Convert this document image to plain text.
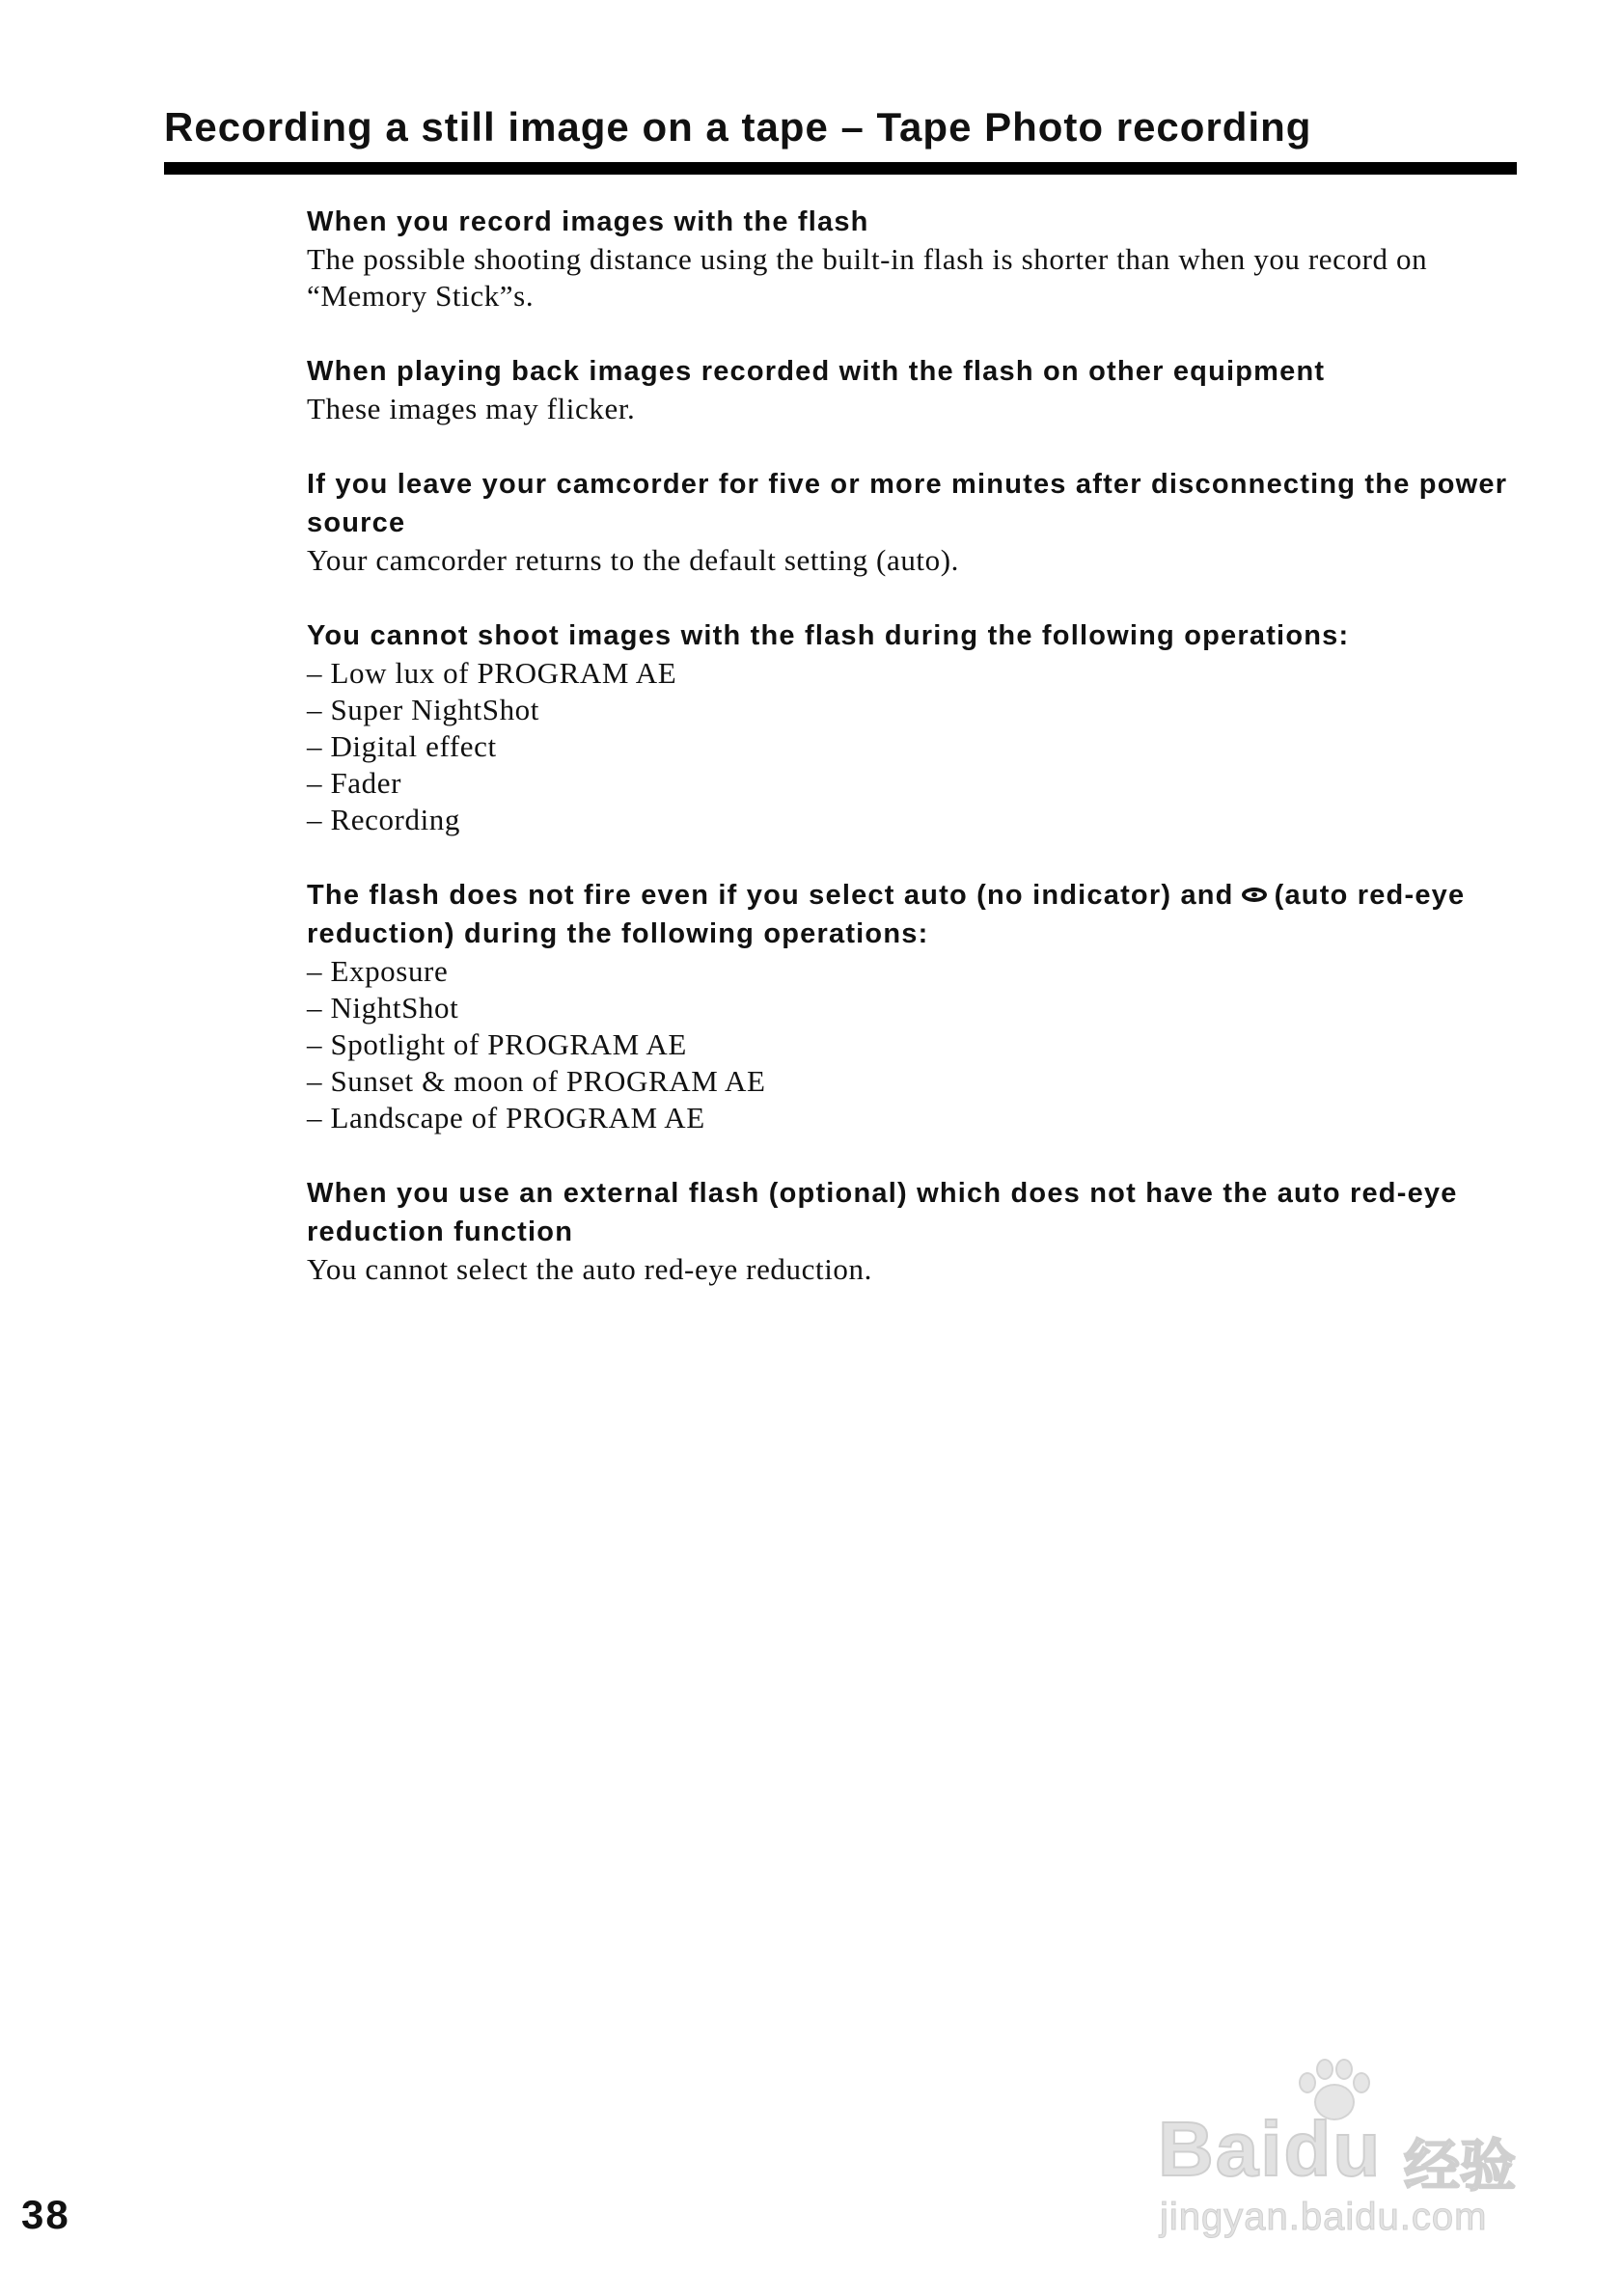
Recording a still image on a tape – Tape Photo recording

When you record images with the flash

The possible shooting distance using the built-in flash is shorter than when you record on “Memory Stick”s.

When playing back images recorded with the flash on other equipment

These images may flicker.

If you leave your camcorder for five or more minutes after disconnecting the power source

Your camcorder returns to the default setting (auto).

You cannot shoot images with the flash during the following operations:

– Low lux of PROGRAM AE
– Super NightShot
– Digital effect
– Fader
– Recording

The flash does not fire even if you select auto (no indicator) and (auto red-eye reduction) during the following operations:

– Exposure
– NightShot
– Spotlight of PROGRAM AE
– Sunset & moon of PROGRAM AE
– Landscape of PROGRAM AE

When you use an external flash (optional) which does not have the auto red-eye reduction function

You cannot select the auto red-eye reduction.

38
Baidu 经验
jingyan.baidu.com
